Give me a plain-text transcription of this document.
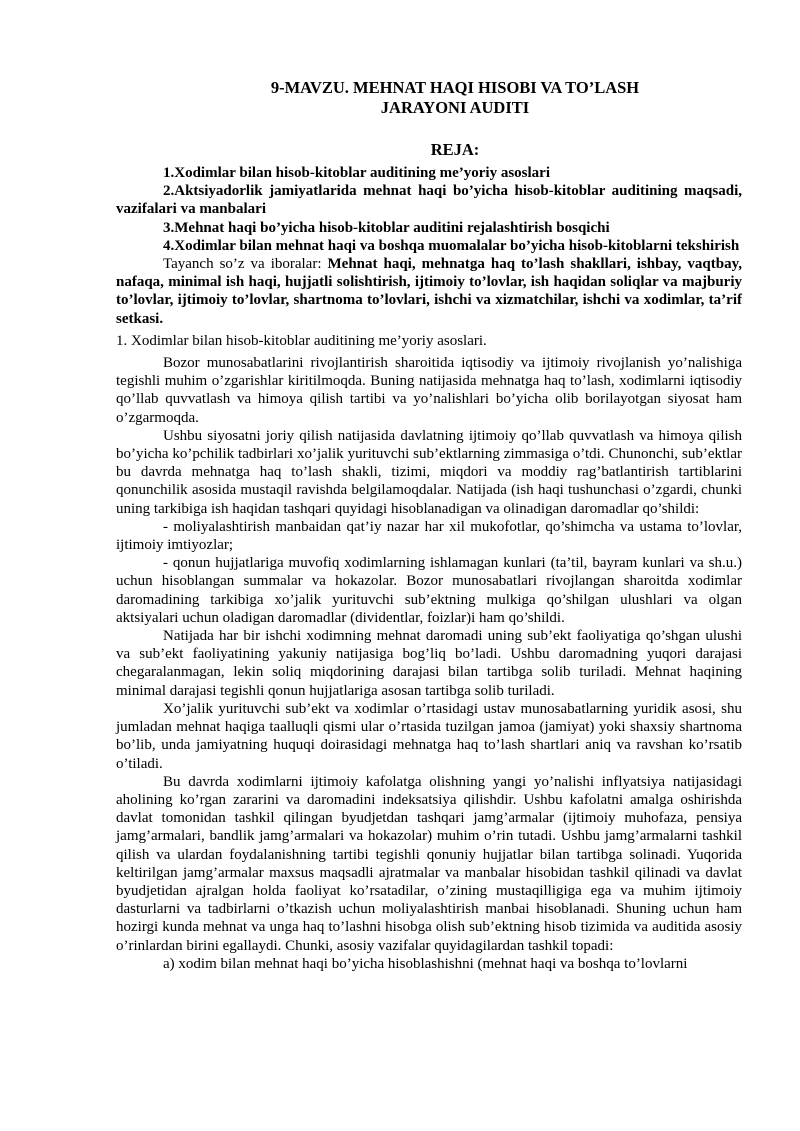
9-MAVZU. MEHNAT HAQI HISOBI VA TO’LASH
JARAYONI AUDITI
REJA:

1.Xodimlar bilan hisob-kitoblar auditining me’yoriy asoslari

2.Aktsiyadorlik jamiyatlarida mehnat haqi bo’yicha hisob-kitoblar auditining maqsadi, vazifalari va manbalari

3.Mehnat haqi bo’yicha hisob-kitoblar auditini rejalashtirish bosqichi

4.Xodimlar bilan mehnat haqi va boshqa muomalalar bo’yicha hisob-kitoblarni tekshirish

Tayanch so’z va iboralar: Mehnat haqi, mehnatga haq to’lash shakllari, ishbay, vaqtbay, nafaqa, minimal ish haqi, hujjatli solishtirish, ijtimoiy to’lovlar, ish haqidan soliqlar va majburiy to’lovlar, ijtimoiy to’lovlar, shartnoma to’lovlari, ishchi va xizmatchilar, ishchi va xodimlar, ta’rif setkasi.

1. Xodimlar bilan hisob-kitoblar auditining me’yoriy asoslari.

Bozor munosabatlarini rivojlantirish sharoitida iqtisodiy va ijtimoiy rivojlanish yo’nalishiga tegishli muhim o’zgarishlar kiritilmoqda. Buning natijasida mehnatga haq to’lash, xodimlarni iqtisodiy qo’llab quvvatlash va himoya qilish tartibi va yo’nalishlari bo’yicha olib borilayotgan siyosat ham o’zgarmoqda.

Ushbu siyosatni joriy qilish natijasida davlatning ijtimoiy qo’llab quvvatlash va himoya qilish bo’yicha ko’pchilik tadbirlari xo’jalik yurituvchi sub’ektlarning zimmasiga o’tdi. Chunonchi, sub’ektlar bu davrda mehnatga haq to’lash shakli, tizimi, miqdori va moddiy rag’batlantirish tartiblarini qonunchilik asosida mustaqil ravishda belgilamoqdalar. Natijada (ish haqi tushunchasi o’zgardi, chunki uning tarkibiga ish haqidan tashqari quyidagi hisoblanadigan va olinadigan daromadlar qo’shildi:

- moliyalashtirish manbaidan qat’iy nazar har xil mukofotlar, qo’shimcha va ustama to’lovlar, ijtimoiy imtiyozlar;

- qonun hujjatlariga muvofiq xodimlarning ishlamagan kunlari (ta’til, bayram kunlari va sh.u.) uchun hisoblangan summalar va hokazolar. Bozor munosabatlari rivojlangan sharoitda xodimlar daromadining tarkibiga xo’jalik yurituvchi sub’ektning mulkiga qo’shilgan ulushlari va olgan aktsiyalari uchun oladigan daromadlar (dividentlar, foizlar)i ham qo’shildi.

Natijada har bir ishchi xodimning mehnat daromadi uning sub’ekt faoliyatiga qo’shgan ulushi va sub’ekt faoliyatining yakuniy natijasiga bog’liq bo’ladi. Ushbu daromadning yuqori darajasi chegaralanmagan, lekin soliq miqdorining darajasi bilan tartibga solib turiladi. Mehnat haqining minimal darajasi tegishli qonun hujjatlariga asosan tartibga solib turiladi.

Xo’jalik yurituvchi sub’ekt va xodimlar o’rtasidagi ustav munosabatlarning yuridik asosi, shu jumladan mehnat haqiga taalluqli qismi ular o’rtasida tuzilgan jamoa (jamiyat) yoki shaxsiy shartnoma bo’lib, unda jamiyatning huquqi doirasidagi mehnatga haq to’lash shartlari aniq va ravshan ko’rsatib o’tiladi.

Bu davrda xodimlarni ijtimoiy kafolatga olishning yangi yo’nalishi inflyatsiya natijasidagi aholining ko’rgan zararini va daromadini indeksatsiya qilishdir. Ushbu kafolatni amalga oshirishda davlat tomonidan tashkil qilingan byudjetdan tashqari jamg’armalar (ijtimoiy muhofaza, pensiya jamg’armalari, bandlik jamg’armalari va hokazolar) muhim o’rin tutadi. Ushbu jamg’armalarni tashkil qilish va ulardan foydalanishning tartibi tegishli qonuniy hujjatlar bilan tartibga solinadi. Yuqorida keltirilgan jamg’armalar maxsus maqsadli ajratmalar va manbalar hisobidan tashkil qilinadi va davlat byudjetidan ajralgan holda faoliyat ko’rsatadilar, o’zining mustaqilligiga ega va muhim ijtimoiy dasturlarni va tadbirlarni o’tkazish uchun moliyalashtirish manbai hisoblanadi. Shuning uchun ham hozirgi kunda mehnat va unga haq to’lashni hisobga olish sub’ektning hisob tizimida va auditida asosiy o’rinlardan birini egallaydi. Chunki, asosiy vazifalar quyidagilardan tashkil topadi:

a) xodim bilan mehnat haqi bo’yicha hisoblashishni (mehnat haqi va boshqa to’lovlarni
